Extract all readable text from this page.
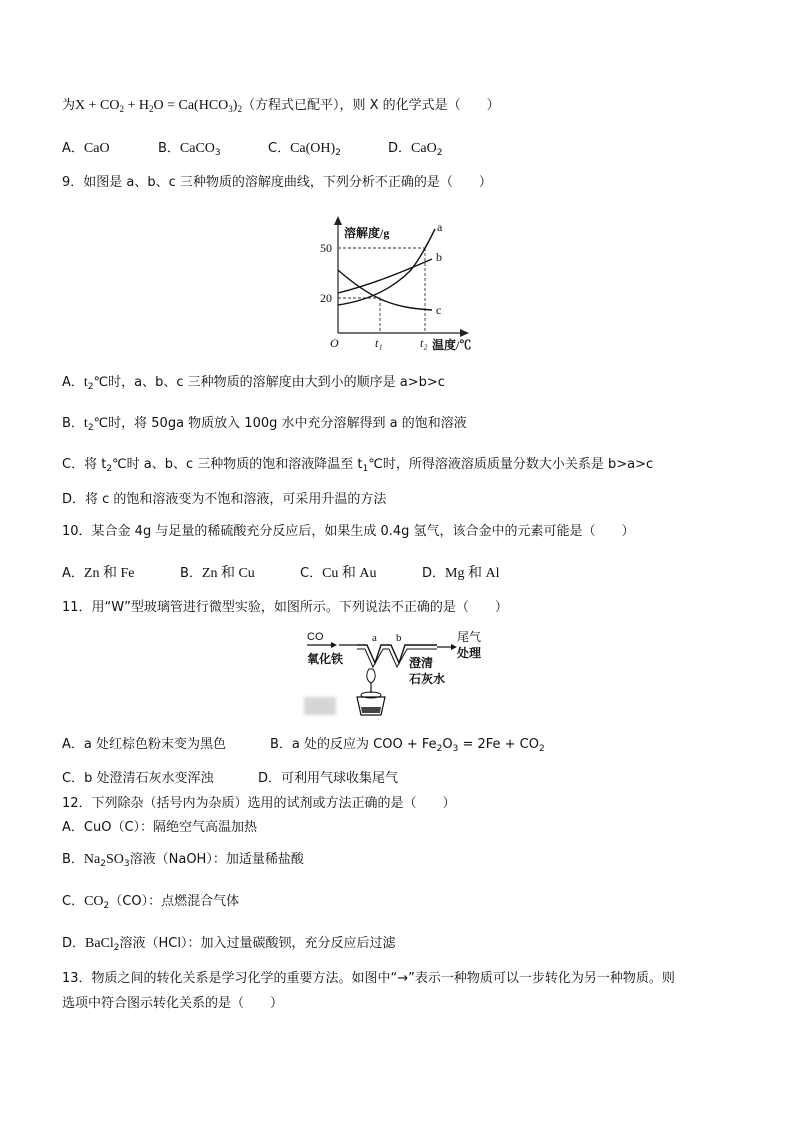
为$X + CO_2 + H_2O = Ca(HCO_3)_2$（方程式已配平），则 X 的化学式是（　　）
A．CaO	B．CaCO$_3$	C．$Ca(OH)_2$	D．CaO$_2$
9．如图是 a、b、c 三种物质的溶解度曲线，下列分析不正确的是（　　）
溶解度/g
温度/℃
O
50
20
t₁	t₂
a
b
c
A．$t_2℃$时，a、b、c 三种物质的溶解度由大到小的顺序是 a>b>c
B．$t_2℃$时，将 50ga 物质放入 100g 水中充分溶解得到 a 的饱和溶液
C．将 $t_2℃$时 a、b、c 三种物质的饱和溶液降温至 $t_1℃$时，所得溶液溶质质量分数大小关系是 b>a>c
D．将 c 的饱和溶液变为不饱和溶液，可采用升温的方法
10．某合金 4g 与足量的稀硫酸充分反应后，如果生成 0.4g 氢气，该合金中的元素可能是（　　）
A．Zn 和 Fe	B．Zn 和 Cu	C．Cu 和 Au	D．Mg 和 Al
11．用“W”型玻璃管进行微型实验，如图所示。下列说法不正确的是（　　）
CO
氧化铁
a b
澄清
石灰水
尾气
处理
A．a 处红棕色粉末变为黑色	B．a 处的反应为 COO + $Fe_2O_3 = 2Fe + CO_2$
C．b 处澄清石灰水变浑浊	D．可利用气球收集尾气
12．下列除杂（括号内为杂质）选用的试剂或方法正确的是（　　）
A．CuO（C）：隔绝空气高温加热
B．$Na_2SO_3$溶液（NaOH）：加适量稀盐酸
C．$CO_2(CO)$：点燃混合气体
D．BaCl$_2$溶液（HCl）：加入过量碳酸钡，充分反应后过滤
13．物质之间的转化关系是学习化学的重要方法。如图中“→”表示一种物质可以一步转化为另一种物质。则
选项中符合图示转化关系的是（　　）
